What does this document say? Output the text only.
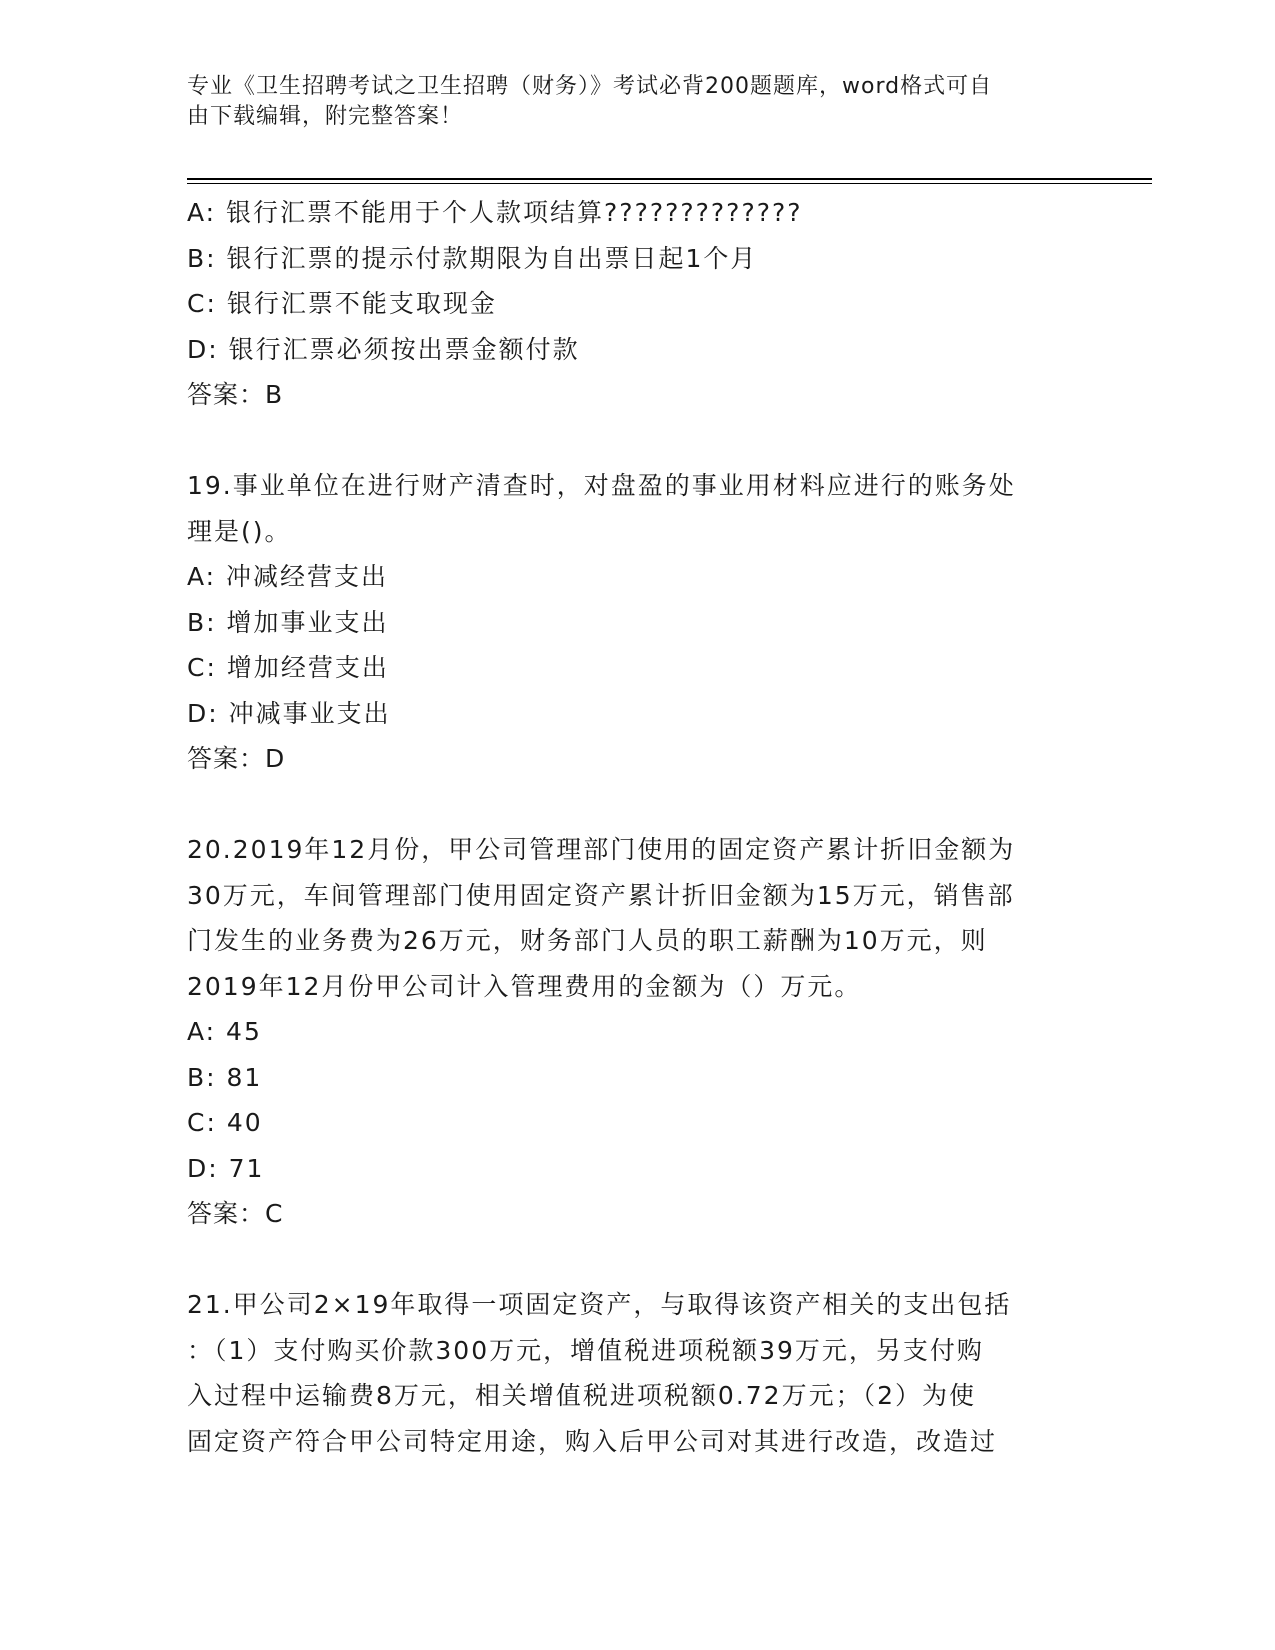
专业《卫生招聘考试之卫生招聘（财务）》考试必背200题题库，word格式可自
由下载编辑，附完整答案！
A: 银行汇票不能用于个人款项结算?????????????
B: 银行汇票的提示付款期限为自出票日起1个月
C: 银行汇票不能支取现金
D: 银行汇票必须按出票金额付款
答案：B
19.事业单位在进行财产清查时，对盘盈的事业用材料应进行的账务处
理是()。
A: 冲减经营支出
B: 增加事业支出
C: 增加经营支出
D: 冲减事业支出
答案：D
20.2019年12月份，甲公司管理部门使用的固定资产累计折旧金额为
30万元，车间管理部门使用固定资产累计折旧金额为15万元，销售部
门发生的业务费为26万元，财务部门人员的职工薪酬为10万元，则
2019年12月份甲公司计入管理费用的金额为（）万元。
A: 45
B: 81
C: 40
D: 71
答案：C
21.甲公司2×19年取得一项固定资产，与取得该资产相关的支出包括
：（1）支付购买价款300万元，增值税进项税额39万元，另支付购
入过程中运输费8万元，相关增值税进项税额0.72万元；（2）为使
固定资产符合甲公司特定用途，购入后甲公司对其进行改造，改造过
